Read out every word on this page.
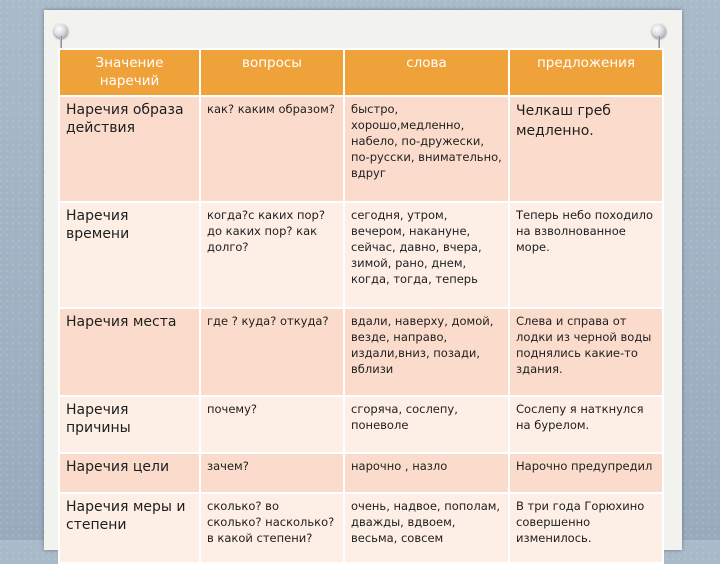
Значение наречий	вопросы	слова	предложения
Наречия образа действия	как? каким образом?	быстро, хорошо,медленно, набело, по-дружески, по-русски, внимательно, вдруг	Челкаш греб медленно.
Наречия времени	когда?с каких пор? до каких пор? как долго?	сегодня, утром, вечером, накануне, сейчас, давно, вчера, зимой, рано, днем, когда, тогда, теперь	Теперь небо походило на взволнованное море.
Наречия места	где ? куда? откуда?	вдали, наверху, домой, везде, направо, издали,вниз, позади, вблизи	Слева и справа от лодки из черной воды поднялись какие-то здания.
Наречия причины	почему?	сгоряча, сослепу, поневоле	Сослепу я наткнулся на бурелом.
Наречия цели	зачем?	нарочно , назло	Нарочно предупредил
Наречия меры и степени	сколько? во сколько? насколько? в какой степени?	очень, надвое, пополам, дважды, вдвоем, весьма, совсем	В три года Горюхино совершенно изменилось.
